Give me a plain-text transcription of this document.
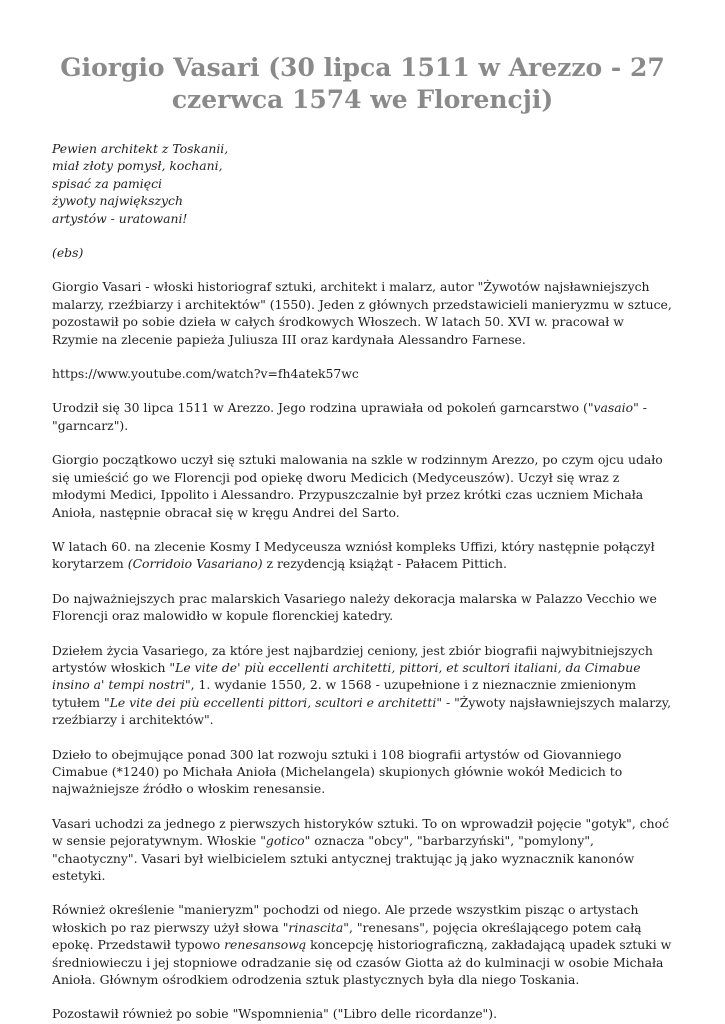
Giorgio Vasari (30 lipca 1511 w Arezzo - 27 czerwca 1574 we Florencji)
Pewien architekt z Toskanii,
miał złoty pomysł, kochani,
spisać za pamięci
żywoty największych
artystów - uratowani!

(ebs)

Giorgio Vasari - włoski historiograf sztuki, architekt i malarz, autor "Żywotów najsławniejszych malarzy, rzeźbiarzy i architektów" (1550). Jeden z głównych przedstawicieli manieryzmu w sztuce, pozostawił po sobie dzieła w całych środkowych Włoszech. W latach 50. XVI w. pracował w Rzymie na zlecenie papieża Juliusza III oraz kardynała Alessandro Farnese.

https://www.youtube.com/watch?v=fh4atek57wc

Urodził się 30 lipca 1511 w Arezzo. Jego rodzina uprawiała od pokoleń garncarstwo ("vasaio" - "garncarz").

Giorgio początkowo uczył się sztuki malowania na szkle w rodzinnym Arezzo, po czym ojcu udało się umieścić go we Florencji pod opiekę dworu Medicich (Medyceuszów). Uczył się wraz z młodymi Medici, Ippolito i Alessandro. Przypuszczalnie był przez krótki czas uczniem Michała Anioła, następnie obracał się w kręgu Andrei del Sarto.

W latach 60. na zlecenie Kosmy I Medyceusza wzniósł kompleks Uffizi, który następnie połączył korytarzem (Corridoio Vasariano) z rezydencją książąt - Pałacem Pittich.

Do najważniejszych prac malarskich Vasariego należy dekoracja malarska w Palazzo Vecchio we Florencji oraz malowidło w kopule florenckiej katedry.

Dziełem życia Vasariego, za które jest najbardziej ceniony, jest zbiór biografii najwybitniejszych artystów włoskich "Le vite de' più eccellenti architetti, pittori, et scultori italiani, da Cimabue insino a' tempi nostri", 1. wydanie 1550, 2. w 1568 - uzupełnione i z nieznacznie zmienionym tytułem "Le vite dei più eccellenti pittori, scultori e architetti" - "Żywoty najsławniejszych malarzy, rzeźbiarzy i architektów".

Dzieło to obejmujące ponad 300 lat rozwoju sztuki i 108 biografii artystów od Giovanniego Cimabue (*1240) po Michała Anioła (Michelangela) skupionych głównie wokół Medicich to najważniejsze źródło o włoskim renesansie.

Vasari uchodzi za jednego z pierwszych historyków sztuki. To on wprowadził pojęcie "gotyk", choć w sensie pejoratywnym. Włoskie "gotico" oznacza "obcy", "barbarzyński", "pomylony", "chaotyczny". Vasari był wielbicielem sztuki antycznej traktując ją jako wyznacznik kanonów estetyki.

Również określenie "manieryzm" pochodzi od niego. Ale przede wszystkim pisząc o artystach włoskich po raz pierwszy użył słowa "rinascita", "renesans", pojęcia określającego potem całą epokę. Przedstawił typowo renesansową koncepcję historiograficzną, zakładającą upadek sztuki w średniowieczu i jej stopniowe odradzanie się od czasów Giotta aż do kulminacji w osobie Michała Anioła. Głównym ośrodkiem odrodzenia sztuk plastycznych była dla niego Toskania.

Pozostawił również po sobie "Wspomnienia" ("Libro delle ricordanze").
